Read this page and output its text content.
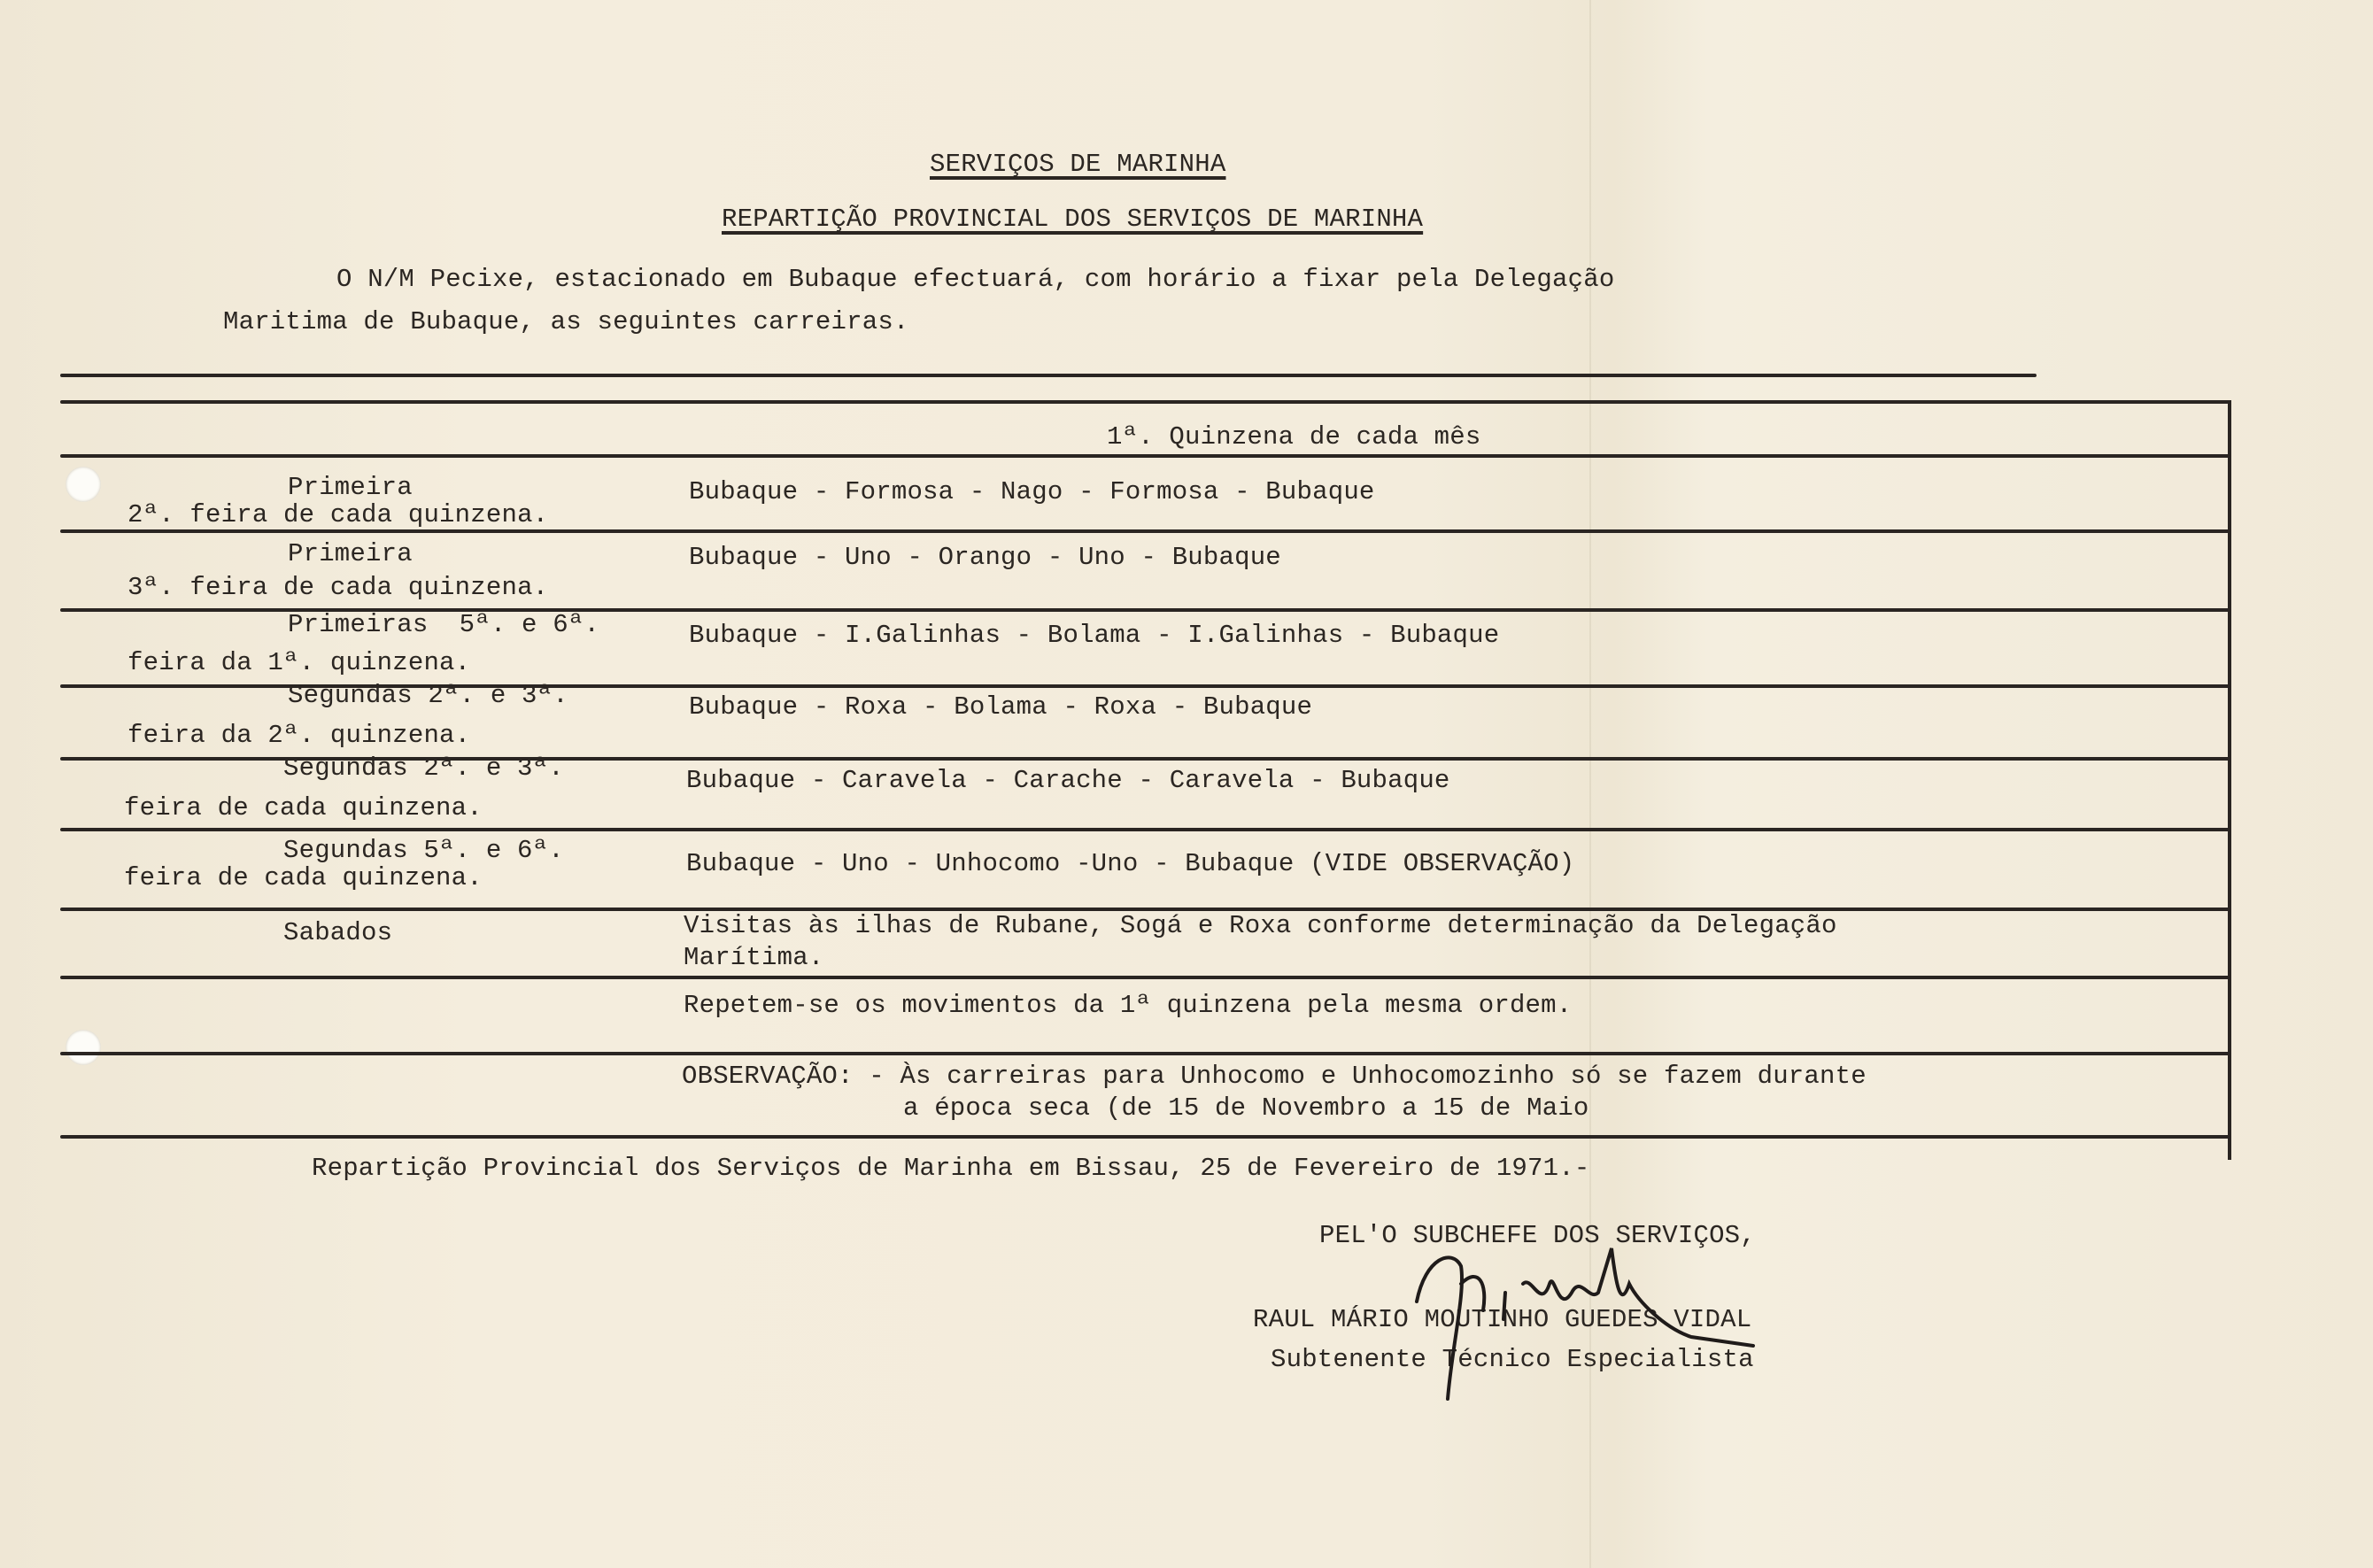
SERVIÇOS DE MARINHA
REPARTIÇÃO PROVINCIAL DOS SERVIÇOS DE MARINHA
O N/M Pecixe, estacionado em Bubaque efectuará, com horário a fixar pela Delegação
Maritima de Bubaque, as seguintes carreiras.
1ª. Quinzena de cada mês
Primeira
2ª. feira de cada quinzena.
Bubaque - Formosa - Nago - Formosa - Bubaque
Primeira
3ª. feira de cada quinzena.
Bubaque - Uno - Orango - Uno - Bubaque
Primeiras  5ª. e 6ª.
feira da 1ª. quinzena.
Bubaque - I.Galinhas - Bolama - I.Galinhas - Bubaque
Segundas 2ª. e 3ª.
feira da 2ª. quinzena.
Bubaque - Roxa - Bolama - Roxa - Bubaque
Segundas 2ª. e 3ª.
feira de cada quinzena.
Bubaque - Caravela - Carache - Caravela - Bubaque
Segundas 5ª. e 6ª.
feira de cada quinzena.	Bubaque - Uno - Unhocomo -Uno - Bubaque (VIDE OBSERVAÇÃO)
Sabados	Visitas às ilhas de Rubane, Sogá e Roxa conforme determinação da Delegação
Marítima.
Repetem-se os movimentos da 1ª quinzena pela mesma ordem.
OBSERVAÇÃO: - Às carreiras para Unhocomo e Unhocomozinho só se fazem durante
a época seca (de 15 de Novembro a 15 de Maio
Repartição Provincial dos Serviços de Marinha em Bissau, 25 de Fevereiro de 1971.-
PEL'O SUBCHEFE DOS SERVIÇOS,
RAUL MÁRIO MOUTINHO GUEDES VIDAL
Subtenente Técnico Especialista
